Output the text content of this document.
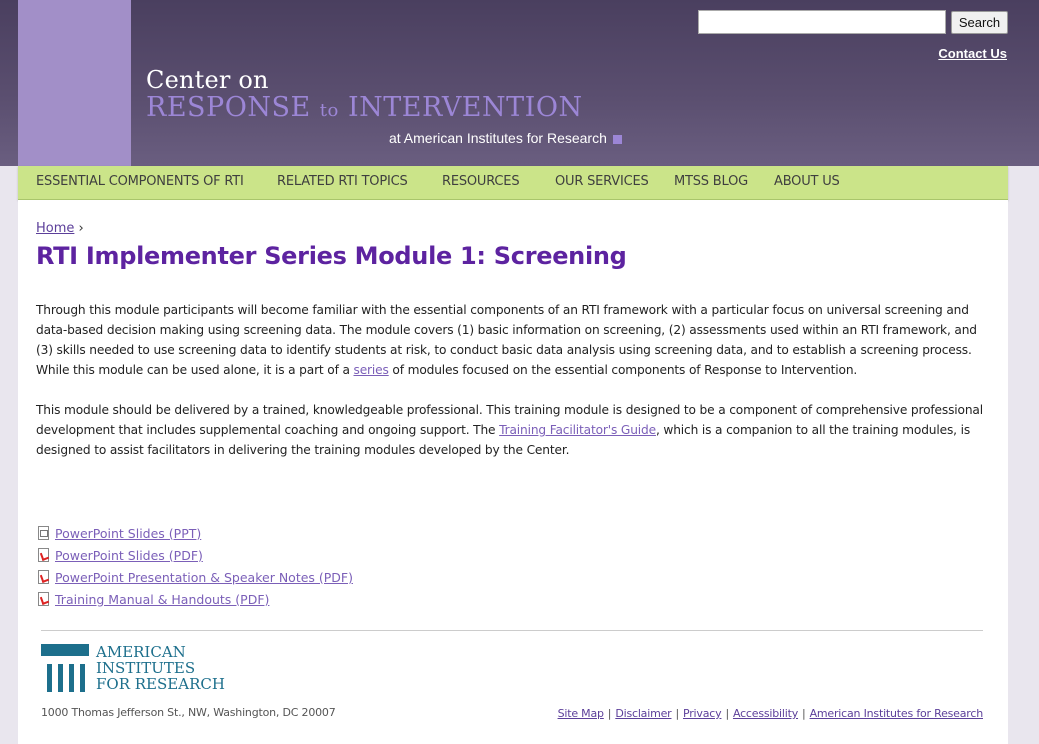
Center on
RESPONSE to INTERVENTION
at American Institutes for Research
Search
Contact Us
ESSENTIAL COMPONENTS OF RTI	RELATED RTI TOPICS	RESOURCES	OUR SERVICES MTSS BLOG ABOUT US
Home ›
RTI Implementer Series Module 1: Screening

Through this module participants will become familiar with the essential components of an RTI framework with a particular focus on universal screening and data-based decision making using screening data. The module covers (1) basic information on screening, (2) assessments used within an RTI framework, and (3) skills needed to use screening data to identify students at risk, to conduct basic data analysis using screening data, and to establish a screening process. While this module can be used alone, it is a part of a series of modules focused on the essential components of Response to Intervention.

This module should be delivered by a trained, knowledgeable professional. This training module is designed to be a component of comprehensive professional development that includes supplemental coaching and ongoing support. The Training Facilitator's Guide, which is a companion to all the training modules, is designed to assist facilitators in delivering the training modules developed by the Center.

PowerPoint Slides (PPT)
PowerPoint Slides (PDF)
PowerPoint Presentation & Speaker Notes (PDF)
Training Manual & Handouts (PDF)
AMERICAN
INSTITUTES
FOR RESEARCH
1000 Thomas Jefferson St., NW, Washington, DC 20007	Site Map | Disclaimer | Privacy | Accessibility | American Institutes for Research
